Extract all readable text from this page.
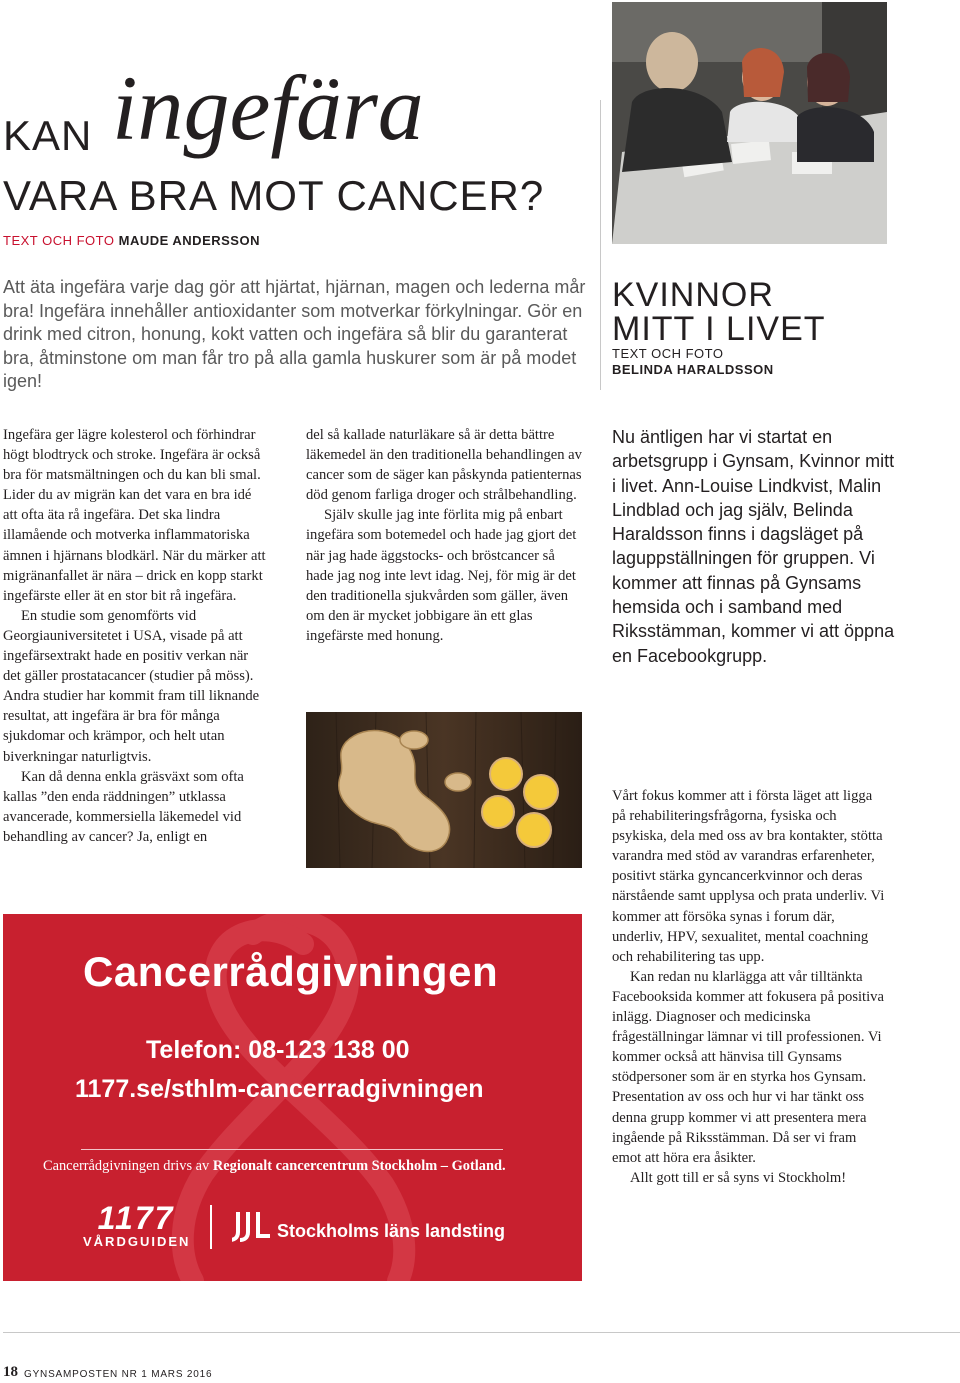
KAN ingefära
VARA BRA MOT CANCER?
TEXT OCH FOTO MAUDE ANDERSSON
Att äta ingefära varje dag gör att hjärtat, hjärnan, magen och lederna mår bra! Ingefära innehåller antioxidanter som motverkar förkylningar. Gör en drink med citron, honung, kokt vatten och ingefära så blir du garanterat bra, åtminstone om man får tro på alla gamla huskurer som är på modet igen!

Ingefära ger lägre kolesterol och förhindrar högt blodtryck och stroke. Ingefära är också bra för matsmältningen och du kan bli smal. Lider du av migrän kan det vara en bra idé att ofta äta rå ingefära. Det ska lindra illamående och motverka inflammatoriska ämnen i hjärnans blodkärl. När du märker att migränanfallet är nära – drick en kopp starkt ingefärste eller ät en stor bit rå ingefära.

En studie som genomförts vid Georgiauniversitetet i USA, visade på att ingefärsextrakt hade en positiv verkan när det gäller prostatacancer (studier på möss). Andra studier har kommit fram till liknande resultat, att ingefära är bra för många sjukdomar och krämpor, och helt utan biverkningar naturligtvis.

Kan då denna enkla gräsväxt som ofta kallas ”den enda räddningen” utklassa avancerade, kommersiella läkemedel vid behandling av cancer? Ja, enligt en

del så kallade naturläkare så är detta bättre läkemedel än den traditionella behandlingen av cancer som de säger kan påskynda patienternas död genom farliga droger och strålbehandling.

Själv skulle jag inte förlita mig på enbart ingefära som botemedel och hade jag gjort det när jag hade äggstocks- och bröstcancer så hade jag nog inte levt idag. Nej, för mig är det den traditionella sjukvården som gäller, även om den är mycket jobbigare än ett glas ingefärste med honung.

KVINNOR
MITT I LIVET
TEXT OCH FOTO
BELINDA HARALDSSON
Nu äntligen har vi startat en arbetsgrupp i Gynsam, Kvinnor mitt i livet. Ann-Louise Lindkvist, Malin Lindblad och jag själv, Belinda Haraldsson finns i dagsläget på laguppställningen för gruppen. Vi kommer att finnas på Gynsams hemsida och i samband med Riksstämman, kommer vi att öppna en Facebookgrupp.

Vårt fokus kommer att i första läget att ligga på rehabiliteringsfrågorna, fysiska och psykiska, dela med oss av bra kontakter, stötta varandra med stöd av varandras erfarenheter, positivt stärka gyncancerkvinnor och deras närstående samt upplysa och prata underliv. Vi kommer att försöka synas i forum där, underliv, HPV, sexualitet, mental coachning och rehabilitering tas upp.

Kan redan nu klarlägga att vår tilltänkta Facebooksida kommer att fokusera på positiva inlägg. Diagnoser och medicinska frågeställningar lämnar vi till professionen. Vi kommer också att hänvisa till Gynsams stödpersoner som är en styrka hos Gynsam. Presentation av oss och hur vi har tänkt oss denna grupp kommer vi att presentera mera ingående på Riksstämman. Då ser vi fram emot att höra era åsikter.

Allt gott till er så syns vi Stockholm!

Cancerrådgivningen
Telefon: 08-123 138 00
1177.se/sthlm-cancerradgivningen
Cancerrådgivningen drivs av Regionalt cancercentrum Stockholm – Gotland.
1177
VÅRDGUIDEN
Stockholms läns landsting
18 GYNSAMPOSTEN NR 1 MARS 2016
